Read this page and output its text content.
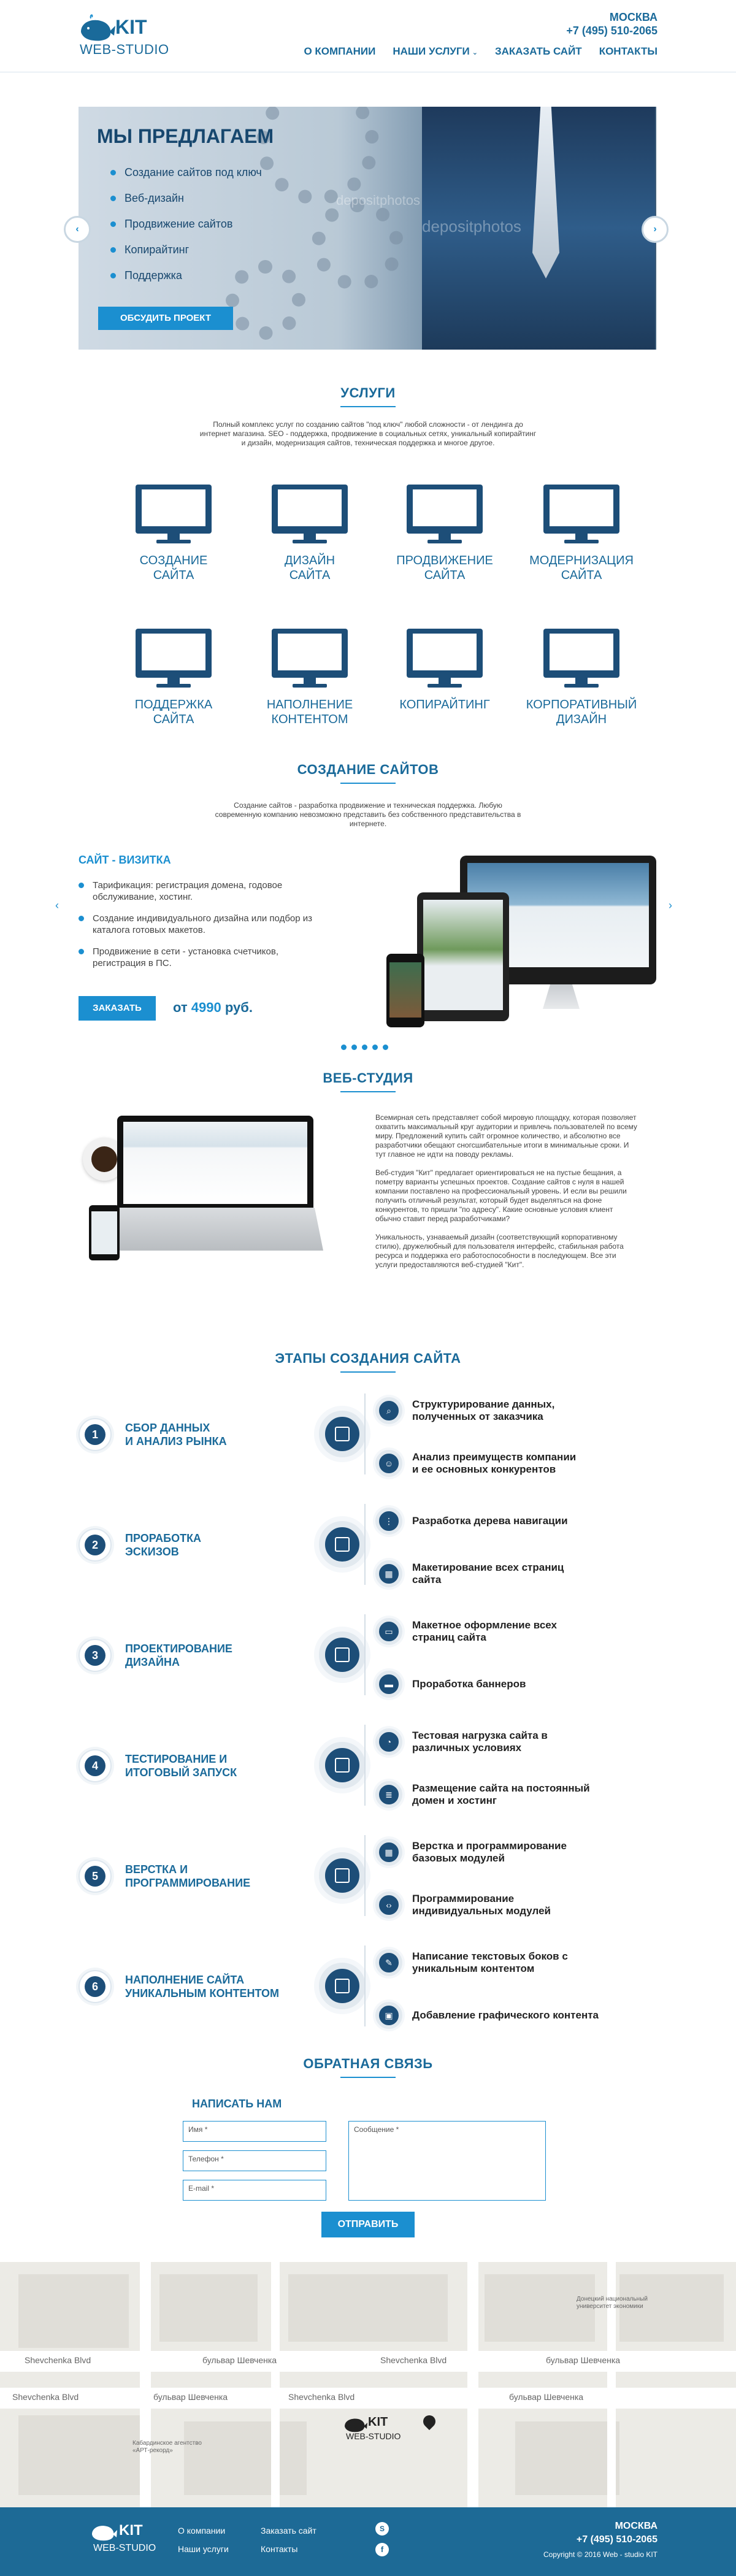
KIT
WEB-STUDIO
МОСКВА
+7 (495) 510-2065
О КОМПАНИИ НАШИ УСЛУГИ ⌄ ЗАКАЗАТЬ САЙТ КОНТАКТЫ
depositphotos
depositphotos
МЫ ПРЕДЛАГАЕМ
Создание сайтов под ключ
Веб-дизайн
Продвижение сайтов
Копирайтинг
Поддержка
ОБСУДИТЬ ПРОЕКТ
‹	›
УСЛУГИ
Полный комплекс услуг по созданию сайтов "под ключ" любой сложности - от лендинга до интернет магазина. SEO - поддержка, продвижение в социальных сетях, уникальный копирайтинг и дизайн, модернизация сайтов, техническая поддержка и многое другое.
СОЗДАНИЕ
САЙТА
ДИЗАЙН
САЙТА
ПРОДВИЖЕНИЕ
САЙТА
МОДЕРНИЗАЦИЯ
САЙТА
ПОДДЕРЖКА
САЙТА
НАПОЛНЕНИЕ
КОНТЕНТОМ
КОПИРАЙТИНГ	КОРПОРАТИВНЫЙ
ДИЗАЙН
СОЗДАНИЕ САЙТОВ
Создание сайтов - разработка продвижение и техническая поддержка. Любую современную компанию невозможно представить без собственного представительства в интернете.
‹	›
САЙТ - ВИЗИТКА
Тарификация: регистрация домена, годовое обслуживание, хостинг.
Создание индивидуального дизайна или подбор из каталога готовых макетов.
Продвижение в сети - установка счетчиков, регистрация в ПС.
ЗАКАЗАТЬ	от 4990 руб.
ВЕБ-СТУДИЯ

Всемирная сеть представляет собой мировую площадку, которая позволяет охватить максимальный круг аудитории и привлечь пользователей по всему миру. Предложений купить сайт огромное количество, и абсолютно все разработчики обещают сногсшибательные итоги в минимальные сроки. И тут главное не идти на поводу рекламы.

Веб-студия "Кит" предлагает ориентироваться не на пустые бещания, а пометру варианты успешных проектов. Создание сайтов с нуля в нашей компании поставлено на профессиональный уровень. И если вы решили получить отличный результат, который будет выделяться на фоне конкурентов, то пришли "по адресу". Какие основные условия клиент обычно ставит перед разработчиками?

Уникальность, узнаваемый дизайн (соответствующий корпоративному стилю), дружелюбный для пользователя интерфейс, стабильная работа ресурса и поддержка его работоспособности в последующем. Все эти услуги предоставляются веб-студией "Кит".

ЭТАПЫ СОЗДАНИЯ САЙТА
1
СБОР ДАННЫХ
И АНАЛИЗ РЫНКА
⌕
Структурирование данных,
полученных от заказчика
☺
Анализ преимуществ компании
и ее основных конкурентов
2
ПРОРАБОТКА
ЭСКИЗОВ
⋮	Разработка дерева навигации
▦
Макетирование всех страниц
сайта
3
ПРОЕКТИРОВАНИЕ
ДИЗАЙНА
▭
Макетное оформление всех
страниц сайта
▬	Проработка баннеров
4
ТЕСТИРОВАНИЕ И
ИТОГОВЫЙ ЗАПУСК
◔
Тестовая нагрузка сайта в
различных условиях
≣
Размещение сайта на постоянный
домен и хостинг
5
ВЕРСТКА И
ПРОГРАММИРОВАНИЕ
▦
Верстка и программирование
базовых модулей
‹›
Программирование
индивидуальных модулей
6
НАПОЛНЕНИЕ САЙТА
УНИКАЛЬНЫМ КОНТЕНТОМ
✎
Написание текстовых боков с
уникальным контентом
▣	Добавление графического контента
ОБРАТНАЯ СВЯЗЬ
НАПИСАТЬ НАМ
Имя *
Телефон *
E-mail *
Сообщение *
ОТПРАВИТЬ
Shevchenka Blvd	бульвар Шевченка	Shevchenka Blvd	бульвар Шевченка
Shevchenka Blvd	бульвар Шевченка	Shevchenka Blvd	бульвар Шевченка
Донецкий национальный университет экономики
Кабардинское агентство «АРТ-рекорд»
KIT
WEB-STUDIO
KIT
WEB-STUDIO
О компании	Заказать сайт
Наши услуги	Контакты
S
f
МОСКВА
+7 (495) 510-2065
Copyright © 2016 Web - studio KIT
